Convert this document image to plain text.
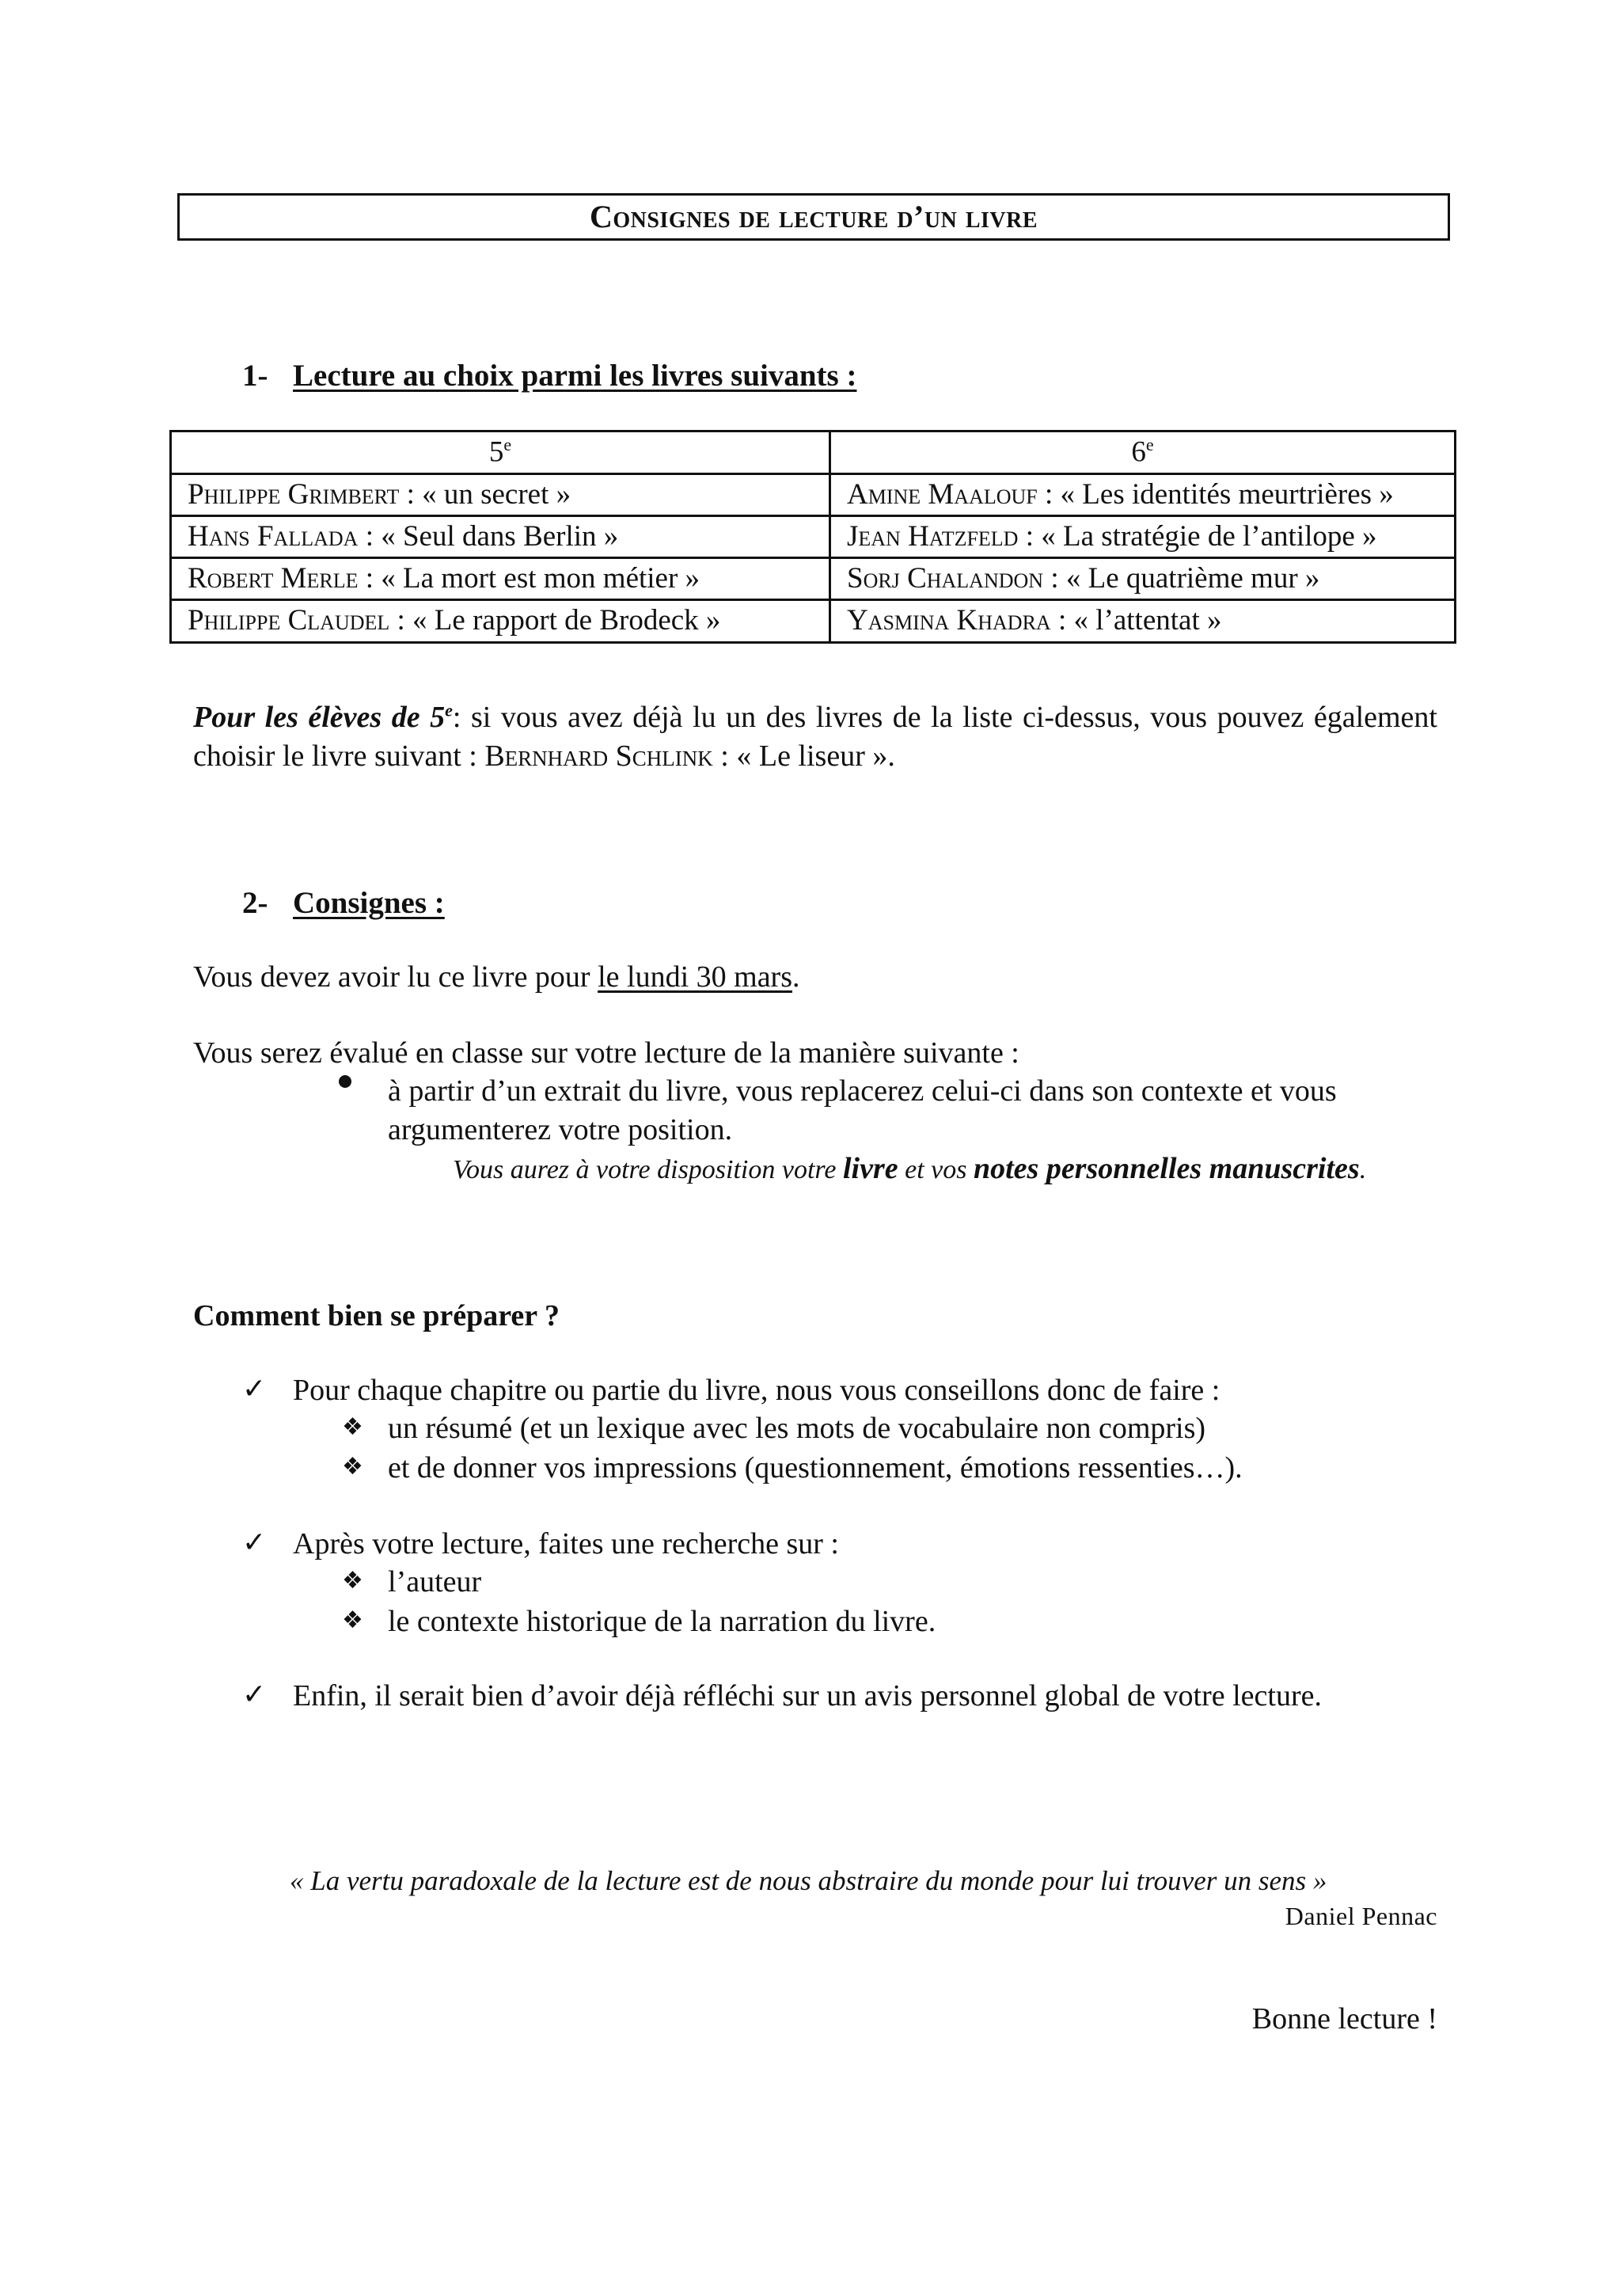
Consignes de lecture d’un livre
1- Lecture au choix parmi les livres suivants :
5e	6e
Philippe Grimbert : « un secret »	Amine Maalouf : « Les identités meurtrières »
Hans Fallada : « Seul dans Berlin »	Jean Hatzfeld : « La stratégie de l’antilope »
Robert Merle : « La mort est mon métier »	Sorj Chalandon : « Le quatrième mur »
Philippe Claudel : « Le rapport de Brodeck »	Yasmina Khadra : « l’attentat »
Pour les élèves de 5e: si vous avez déjà lu un des livres de la liste ci-dessus, vous pouvez également choisir le livre suivant : Bernhard Schlink : « Le liseur ».
2- Consignes :
Vous devez avoir lu ce livre pour le lundi 30 mars.
Vous serez évalué en classe sur votre lecture de la manière suivante :
à partir d’un extrait du livre, vous replacerez celui-ci dans son contexte et vous argumenterez votre position.
Vous aurez à votre disposition votre livre et vos notes personnelles manuscrites.
Comment bien se préparer ?
✓ Pour chaque chapitre ou partie du livre, nous vous conseillons donc de faire :
❖ un résumé (et un lexique avec les mots de vocabulaire non compris)
❖ et de donner vos impressions (questionnement, émotions ressenties…).
✓ Après votre lecture, faites une recherche sur :
❖ l’auteur
❖ le contexte historique de la narration du livre.
✓ Enfin, il serait bien d’avoir déjà réfléchi sur un avis personnel global de votre lecture.
« La vertu paradoxale de la lecture est de nous abstraire du monde pour lui trouver un sens »
Daniel Pennac
Bonne lecture !
